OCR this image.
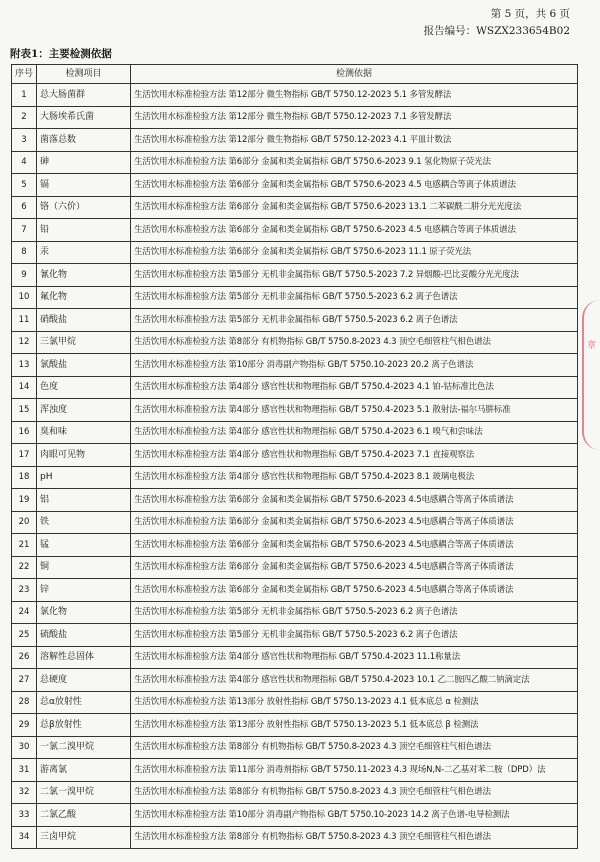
第 5 页，共 6 页
报告编号：WSZX233654B02
附表1：主要检测依据
序号	检测项目	检测依据
1	总大肠菌群	生活饮用水标准检验方法 第12部分 微生物指标 GB/T 5750.12-2023 5.1 多管发酵法
2	大肠埃希氏菌	生活饮用水标准检验方法 第12部分 微生物指标 GB/T 5750.12-2023 7.1 多管发酵法
3	菌落总数	生活饮用水标准检验方法 第12部分 微生物指标 GB/T 5750.12-2023 4.1 平皿计数法
4	砷	生活饮用水标准检验方法 第6部分 金属和类金属指标 GB/T 5750.6-2023 9.1 氢化物原子荧光法
5	镉	生活饮用水标准检验方法 第6部分 金属和类金属指标 GB/T 5750.6-2023 4.5 电感耦合等离子体质谱法
6	铬（六价）	生活饮用水标准检验方法 第6部分 金属和类金属指标 GB/T 5750.6-2023 13.1 二苯碳酰二肼分光光度法
7	铅	生活饮用水标准检验方法 第6部分 金属和类金属指标 GB/T 5750.6-2023 4.5 电感耦合等离子体质谱法
8	汞	生活饮用水标准检验方法 第6部分 金属和类金属指标 GB/T 5750.6-2023 11.1 原子荧光法
9	氰化物	生活饮用水标准检验方法 第5部分 无机非金属指标 GB/T 5750.5-2023 7.2 异烟酸-巴比妥酸分光光度法
10	氟化物	生活饮用水标准检验方法 第5部分 无机非金属指标 GB/T 5750.5-2023 6.2 离子色谱法
11	硝酸盐	生活饮用水标准检验方法 第5部分 无机非金属指标 GB/T 5750.5-2023 6.2 离子色谱法
12	三氯甲烷	生活饮用水标准检验方法 第8部分 有机物指标 GB/T 5750.8-2023 4.3 顶空毛细管柱气相色谱法
13	氯酸盐	生活饮用水标准检验方法 第10部分 消毒副产物指标 GB/T 5750.10-2023 20.2 离子色谱法
14	色度	生活饮用水标准检验方法 第4部分 感官性状和物理指标 GB/T 5750.4-2023 4.1 铂-钴标准比色法
15	浑浊度	生活饮用水标准检验方法 第4部分 感官性状和物理指标 GB/T 5750.4-2023 5.1 散射法-福尔马肼标准
16	臭和味	生活饮用水标准检验方法 第4部分 感官性状和物理指标 GB/T 5750.4-2023 6.1 嗅气和尝味法
17	肉眼可见物	生活饮用水标准检验方法 第4部分 感官性状和物理指标 GB/T 5750.4-2023 7.1 直接观察法
18	pH	生活饮用水标准检验方法 第4部分 感官性状和物理指标 GB/T 5750.4-2023 8.1 玻璃电极法
19	铝	生活饮用水标准检验方法 第6部分 金属和类金属指标 GB/T 5750.6-2023 4.5电感耦合等离子体质谱法
20	铁	生活饮用水标准检验方法 第6部分 金属和类金属指标 GB/T 5750.6-2023 4.5电感耦合等离子体质谱法
21	锰	生活饮用水标准检验方法 第6部分 金属和类金属指标 GB/T 5750.6-2023 4.5电感耦合等离子体质谱法
22	铜	生活饮用水标准检验方法 第6部分 金属和类金属指标 GB/T 5750.6-2023 4.5电感耦合等离子体质谱法
23	锌	生活饮用水标准检验方法 第6部分 金属和类金属指标 GB/T 5750.6-2023 4.5电感耦合等离子体质谱法
24	氯化物	生活饮用水标准检验方法 第5部分 无机非金属指标 GB/T 5750.5-2023 6.2 离子色谱法
25	硫酸盐	生活饮用水标准检验方法 第5部分 无机非金属指标 GB/T 5750.5-2023 6.2 离子色谱法
26	溶解性总固体	生活饮用水标准检验方法 第4部分 感官性状和物理指标 GB/T 5750.4-2023 11.1称量法
27	总硬度	生活饮用水标准检验方法 第4部分 感官性状和物理指标 GB/T 5750.4-2023 10.1 乙二胺四乙酸二钠滴定法
28	总α放射性	生活饮用水标准检验方法 第13部分 放射性指标 GB/T 5750.13-2023 4.1 低本底总 α 检测法
29	总β放射性	生活饮用水标准检验方法 第13部分 放射性指标 GB/T 5750.13-2023 5.1 低本底总 β 检测法
30	一氯二溴甲烷	生活饮用水标准检验方法 第8部分 有机物指标 GB/T 5750.8-2023 4.3 顶空毛细管柱气相色谱法
31	游离氯	生活饮用水标准检验方法 第11部分 消毒剂指标 GB/T 5750.11-2023 4.3 现场N,N-二乙基对苯二胺（DPD）法
32	二氯一溴甲烷	生活饮用水标准检验方法 第8部分 有机物指标 GB/T 5750.8-2023 4.3 顶空毛细管柱气相色谱法
33	二氯乙酸	生活饮用水标准检验方法 第10部分 消毒副产物指标 GB/T 5750.10-2023 14.2 离子色谱-电导检测法
34	三卤甲烷	生活饮用水标准检验方法 第8部分 有机物指标 GB/T 5750.8-2023 4.3 顶空毛细管柱气相色谱法
章
